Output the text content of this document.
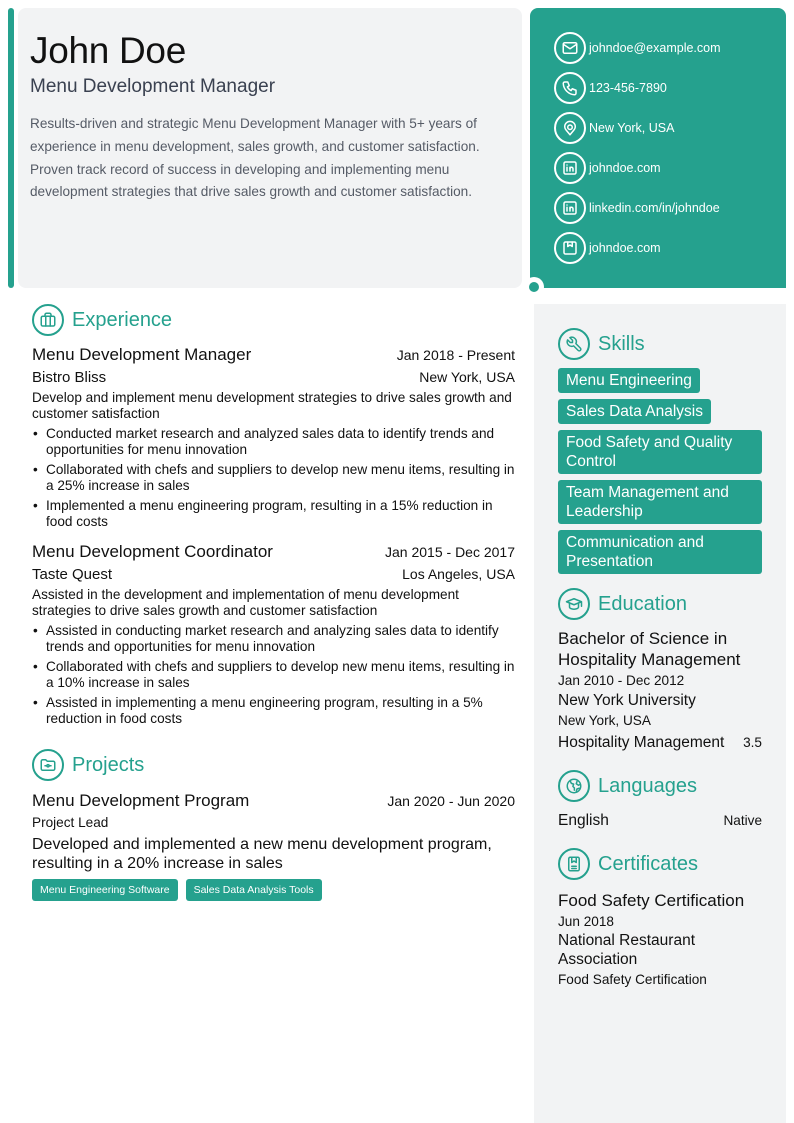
John Doe
Menu Development Manager
Results-driven and strategic Menu Development Manager with 5+ years of experience in menu development, sales growth, and customer satisfaction. Proven track record of success in developing and implementing menu development strategies that drive sales growth and customer satisfaction.
johndoe@example.com
123-456-7890
New York, USA
johndoe.com
linkedin.com/in/johndoe
johndoe.com
Experience
Menu Development Manager	Jan 2018 - Present
Bistro Bliss	New York, USA
Develop and implement menu development strategies to drive sales growth and customer satisfaction
• Conducted market research and analyzed sales data to identify trends and opportunities for menu innovation
• Collaborated with chefs and suppliers to develop new menu items, resulting in a 25% increase in sales
• Implemented a menu engineering program, resulting in a 15% reduction in food costs
Menu Development Coordinator	Jan 2015 - Dec 2017
Taste Quest	Los Angeles, USA
Assisted in the development and implementation of menu development strategies to drive sales growth and customer satisfaction
• Assisted in conducting market research and analyzing sales data to identify trends and opportunities for menu innovation
• Collaborated with chefs and suppliers to develop new menu items, resulting in a 10% increase in sales
• Assisted in implementing a menu engineering program, resulting in a 5% reduction in food costs
Projects
Menu Development Program	Jan 2020 - Jun 2020
Project Lead
Developed and implemented a new menu development program, resulting in a 20% increase in sales
Menu Engineering Software	Sales Data Analysis Tools
Skills
Menu Engineering
Sales Data Analysis
Food Safety and Quality Control
Team Management and Leadership
Communication and Presentation
Education
Bachelor of Science in Hospitality Management
Jan 2010 - Dec 2012
New York University
New York, USA
Hospitality Management 3.5
Languages
English	Native
Certificates
Food Safety Certification
Jun 2018
National Restaurant Association
Food Safety Certification
